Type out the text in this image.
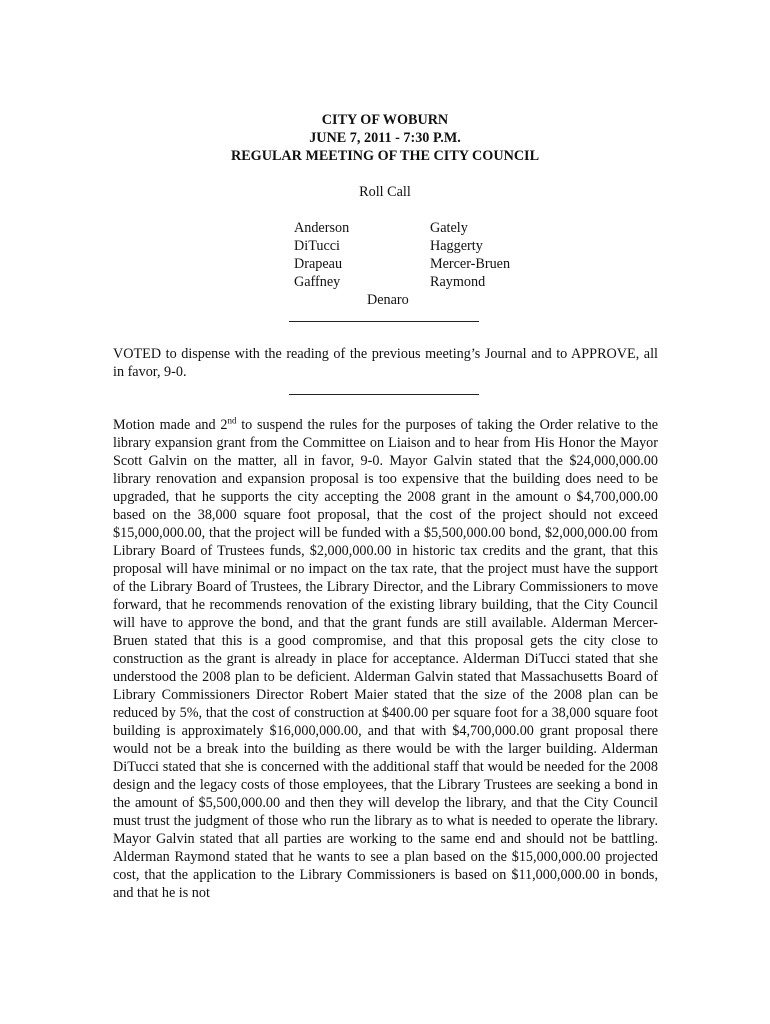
CITY OF WOBURN
JUNE 7, 2011 - 7:30 P.M.
REGULAR MEETING OF THE CITY COUNCIL
Roll Call
Anderson
DiTucci
Drapeau
Gaffney
Gately
Haggerty
Mercer-Bruen
Raymond
Denaro
VOTED to dispense with the reading of the previous meeting’s Journal and to APPROVE, all in favor, 9-0.
Motion made and 2nd to suspend the rules for the purposes of taking the Order relative to the library expansion grant from the Committee on Liaison and to hear from His Honor the Mayor Scott Galvin on the matter, all in favor, 9-0. Mayor Galvin stated that the $24,000,000.00 library renovation and expansion proposal is too expensive that the building does need to be upgraded, that he supports the city accepting the 2008 grant in the amount o $4,700,000.00 based on the 38,000 square foot proposal, that the cost of the project should not exceed $15,000,000.00, that the project will be funded with a $5,500,000.00 bond, $2,000,000.00 from Library Board of Trustees funds, $2,000,000.00 in historic tax credits and the grant, that this proposal will have minimal or no impact on the tax rate, that the project must have the support of the Library Board of Trustees, the Library Director, and the Library Commissioners to move forward, that he recommends renovation of the existing library building, that the City Council will have to approve the bond, and that the grant funds are still available. Alderman Mercer-Bruen stated that this is a good compromise, and that this proposal gets the city close to construction as the grant is already in place for acceptance. Alderman DiTucci stated that she understood the 2008 plan to be deficient. Alderman Galvin stated that Massachusetts Board of Library Commissioners Director Robert Maier stated that the size of the 2008 plan can be reduced by 5%, that the cost of construction at $400.00 per square foot for a 38,000 square foot building is approximately $16,000,000.00, and that with $4,700,000.00 grant proposal there would not be a break into the building as there would be with the larger building. Alderman DiTucci stated that she is concerned with the additional staff that would be needed for the 2008 design and the legacy costs of those employees, that the Library Trustees are seeking a bond in the amount of $5,500,000.00 and then they will develop the library, and that the City Council must trust the judgment of those who run the library as to what is needed to operate the library. Mayor Galvin stated that all parties are working to the same end and should not be battling. Alderman Raymond stated that he wants to see a plan based on the $15,000,000.00 projected cost, that the application to the Library Commissioners is based on $11,000,000.00 in bonds, and that he is not
